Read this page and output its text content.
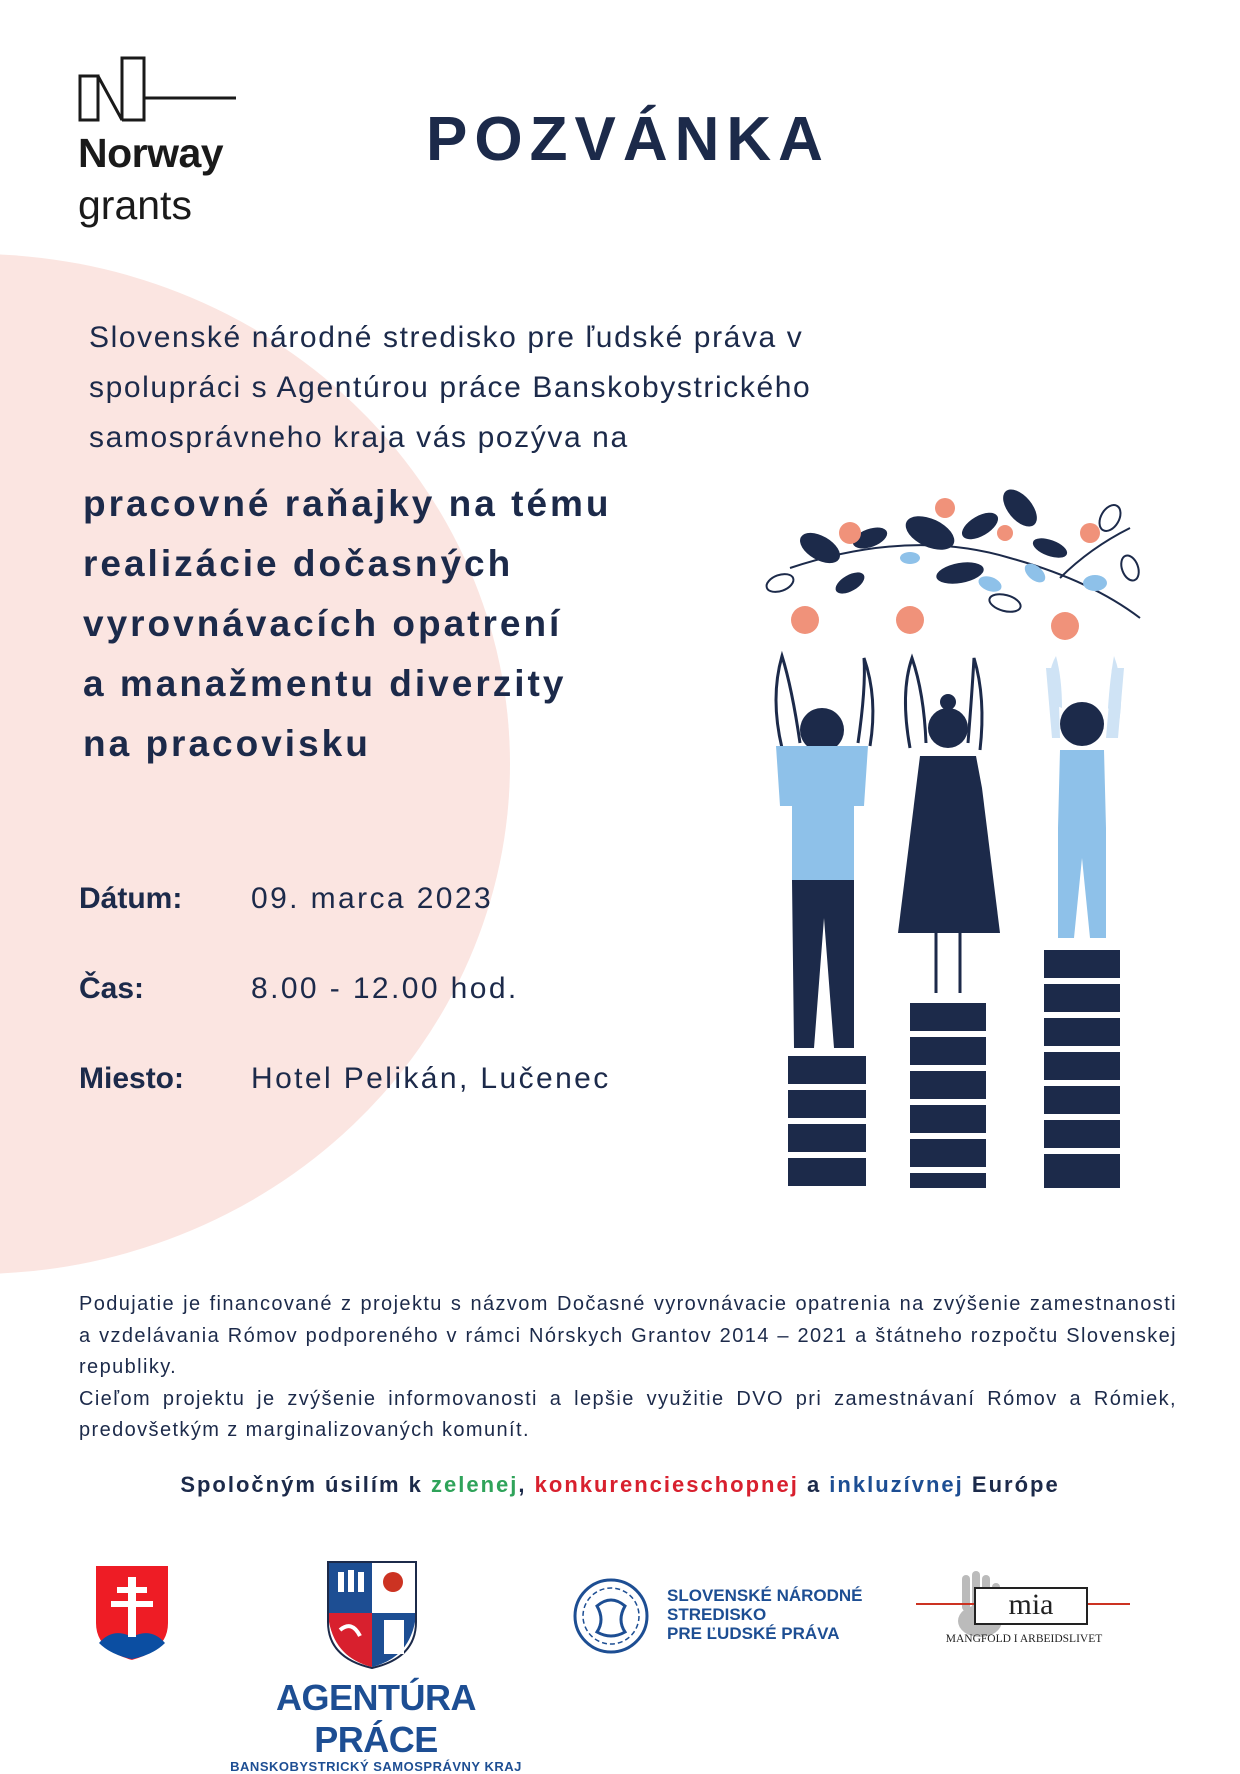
Norway
grants
POZVÁNKA
Slovenské národné stredisko pre ľudské práva v
spolupráci s Agentúrou práce Banskobystrického
samosprávneho kraja vás pozýva na
pracovné raňajky na tému
realizácie dočasných
vyrovnávacích opatrení
a manažmentu diverzity
na pracovisku
Dátum: 09. marca 2023
Čas:	8.00 - 12.00 hod.
Miesto: Hotel Pelikán, Lučenec

Podujatie je financované z projektu s názvom Dočasné vyrovnávacie opatrenia na zvýšenie zamestnanosti a vzdelávania Rómov podporeného v rámci Nórskych Grantov 2014 – 2021 a štátneho rozpočtu Slovenskej republiky.

Cieľom projektu je zvýšenie informovanosti a lepšie využitie DVO pri zamestnávaní Rómov a Rómiek, predovšetkým z marginalizovaných komunít.

Spoločným úsilím k zelenej, konkurencieschopnej a inkluzívnej Európe
AGENTÚRA PRÁCE
BANSKOBYSTRICKÝ SAMOSPRÁVNY KRAJ
SLOVENSKÉ NÁRODNÉ
STREDISKO
PRE ĽUDSKÉ PRÁVA
mia
MANGFOLD I ARBEIDSLIVET
